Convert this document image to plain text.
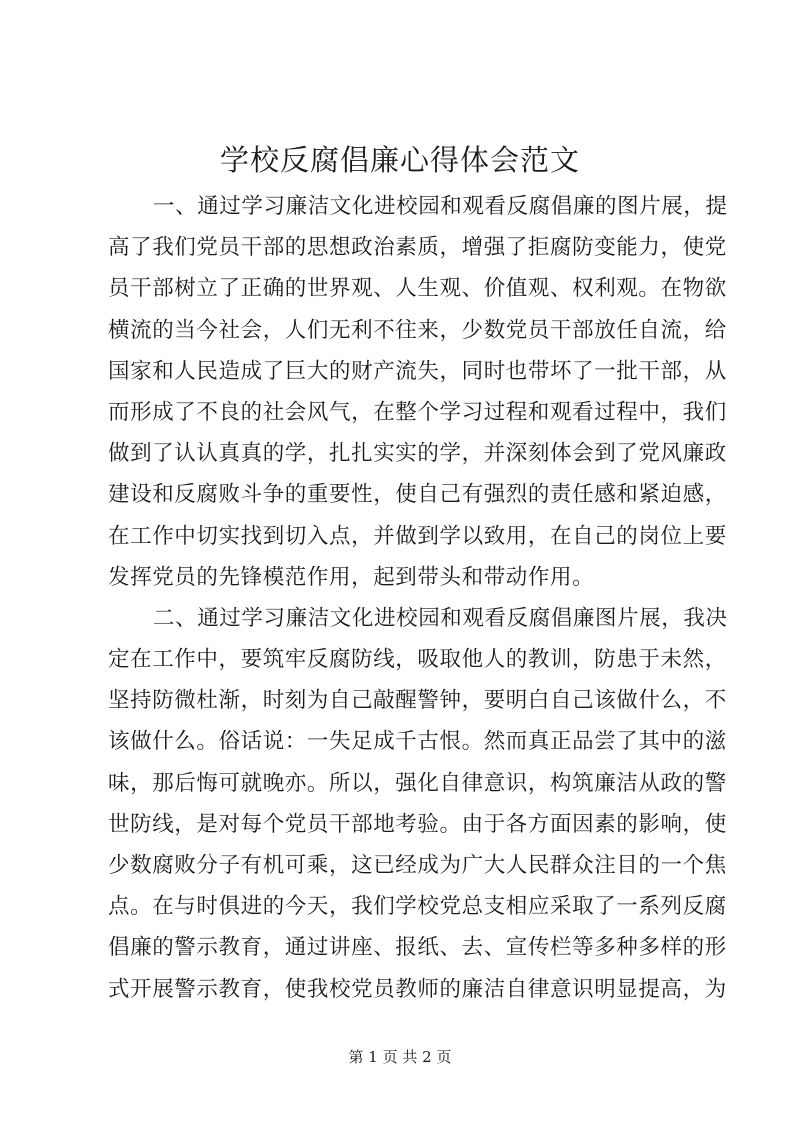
学校反腐倡廉心得体会范文
一、通过学习廉洁文化进校园和观看反腐倡廉的图片展，提
高了我们党员干部的思想政治素质，增强了拒腐防变能力，使党
员干部树立了正确的世界观、人生观、价值观、权利观。在物欲
横流的当今社会，人们无利不往来，少数党员干部放任自流，给
国家和人民造成了巨大的财产流失，同时也带坏了一批干部，从
而形成了不良的社会风气，在整个学习过程和观看过程中，我们
做到了认认真真的学，扎扎实实的学，并深刻体会到了党风廉政
建设和反腐败斗争的重要性，使自己有强烈的责任感和紧迫感，
在工作中切实找到切入点，并做到学以致用，在自己的岗位上要
发挥党员的先锋模范作用，起到带头和带动作用。
二、通过学习廉洁文化进校园和观看反腐倡廉图片展，我决
定在工作中，要筑牢反腐防线，吸取他人的教训，防患于未然，
坚持防微杜渐，时刻为自己敲醒警钟，要明白自己该做什么，不
该做什么。俗话说：一失足成千古恨。然而真正品尝了其中的滋
味，那后悔可就晚亦。所以，强化自律意识，构筑廉洁从政的警
世防线，是对每个党员干部地考验。由于各方面因素的影响，使
少数腐败分子有机可乘，这已经成为广大人民群众注目的一个焦
点。在与时俱进的今天，我们学校党总支相应采取了一系列反腐
倡廉的警示教育，通过讲座、报纸、去、宣传栏等多种多样的形
式开展警示教育，使我校党员教师的廉洁自律意识明显提高，为
第 1 页 共 2 页
